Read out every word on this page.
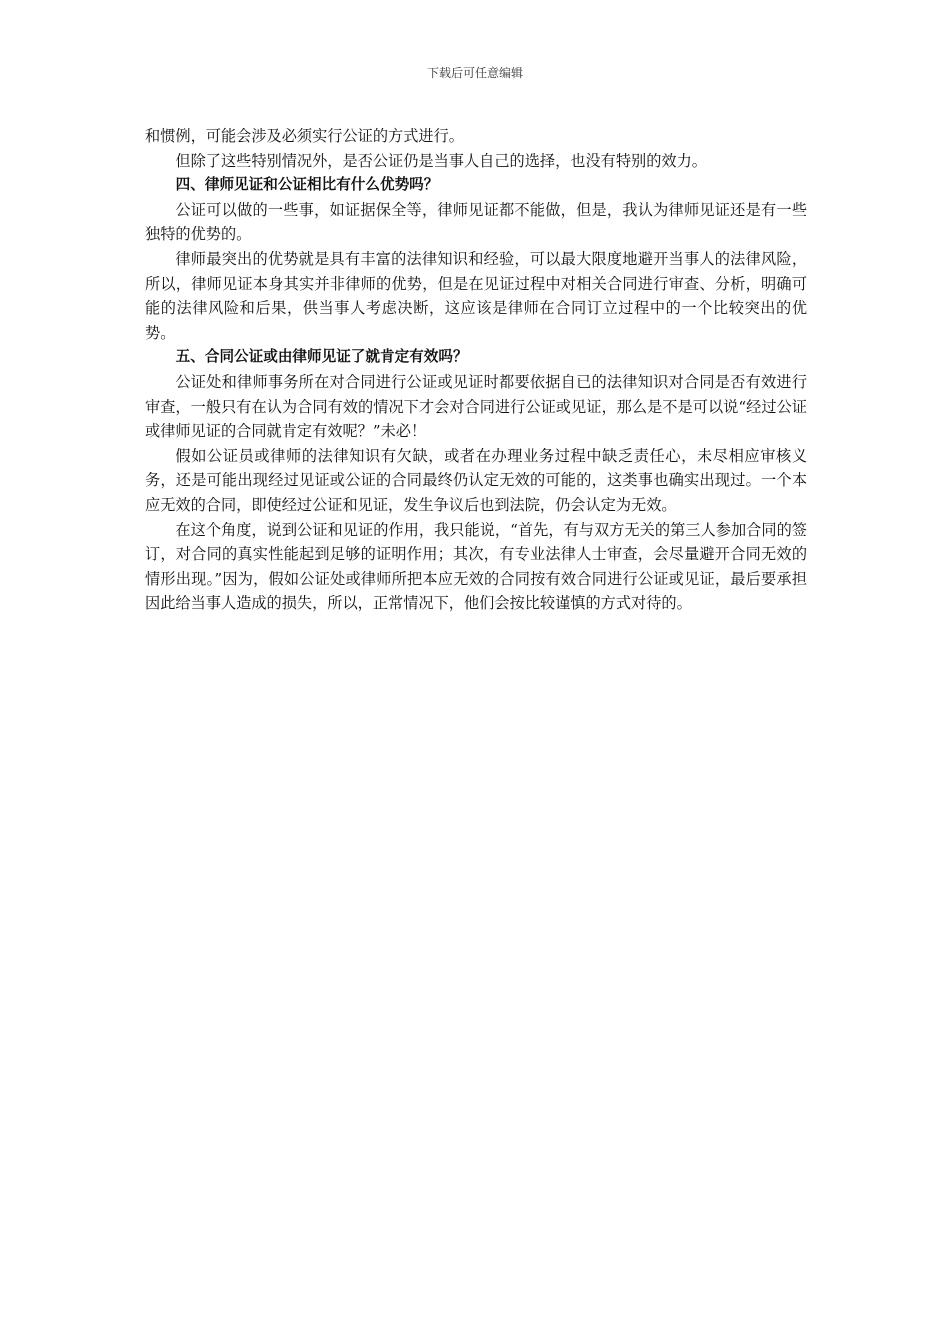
下载后可任意编辑

和惯例，可能会涉及必须实行公证的方式进行。

但除了这些特别情况外，是否公证仍是当事人自己的选择，也没有特别的效力。

四、律师见证和公证相比有什么优势吗？

公证可以做的一些事，如证据保全等，律师见证都不能做，但是，我认为律师见证还是有一些独特的优势的。

律师最突出的优势就是具有丰富的法律知识和经验，可以最大限度地避开当事人的法律风险，所以，律师见证本身其实并非律师的优势，但是在见证过程中对相关合同进行审查、分析，明确可能的法律风险和后果，供当事人考虑决断，这应该是律师在合同订立过程中的一个比较突出的优势。

五、合同公证或由律师见证了就肯定有效吗？

公证处和律师事务所在对合同进行公证或见证时都要依据自已的法律知识对合同是否有效进行审查，一般只有在认为合同有效的情况下才会对合同进行公证或见证，那么是不是可以说“经过公证或律师见证的合同就肯定有效呢？”未必！

假如公证员或律师的法律知识有欠缺，或者在办理业务过程中缺乏责任心，未尽相应审核义务，还是可能出现经过见证或公证的合同最终仍认定无效的可能的，这类事也确实出现过。一个本应无效的合同，即使经过公证和见证，发生争议后也到法院，仍会认定为无效。

在这个角度，说到公证和见证的作用，我只能说，“首先，有与双方无关的第三人参加合同的签订，对合同的真实性能起到足够的证明作用；其次，有专业法律人士审查，会尽量避开合同无效的情形出现。”因为，假如公证处或律师所把本应无效的合同按有效合同进行公证或见证，最后要承担因此给当事人造成的损失，所以，正常情况下，他们会按比较谨慎的方式对待的。
